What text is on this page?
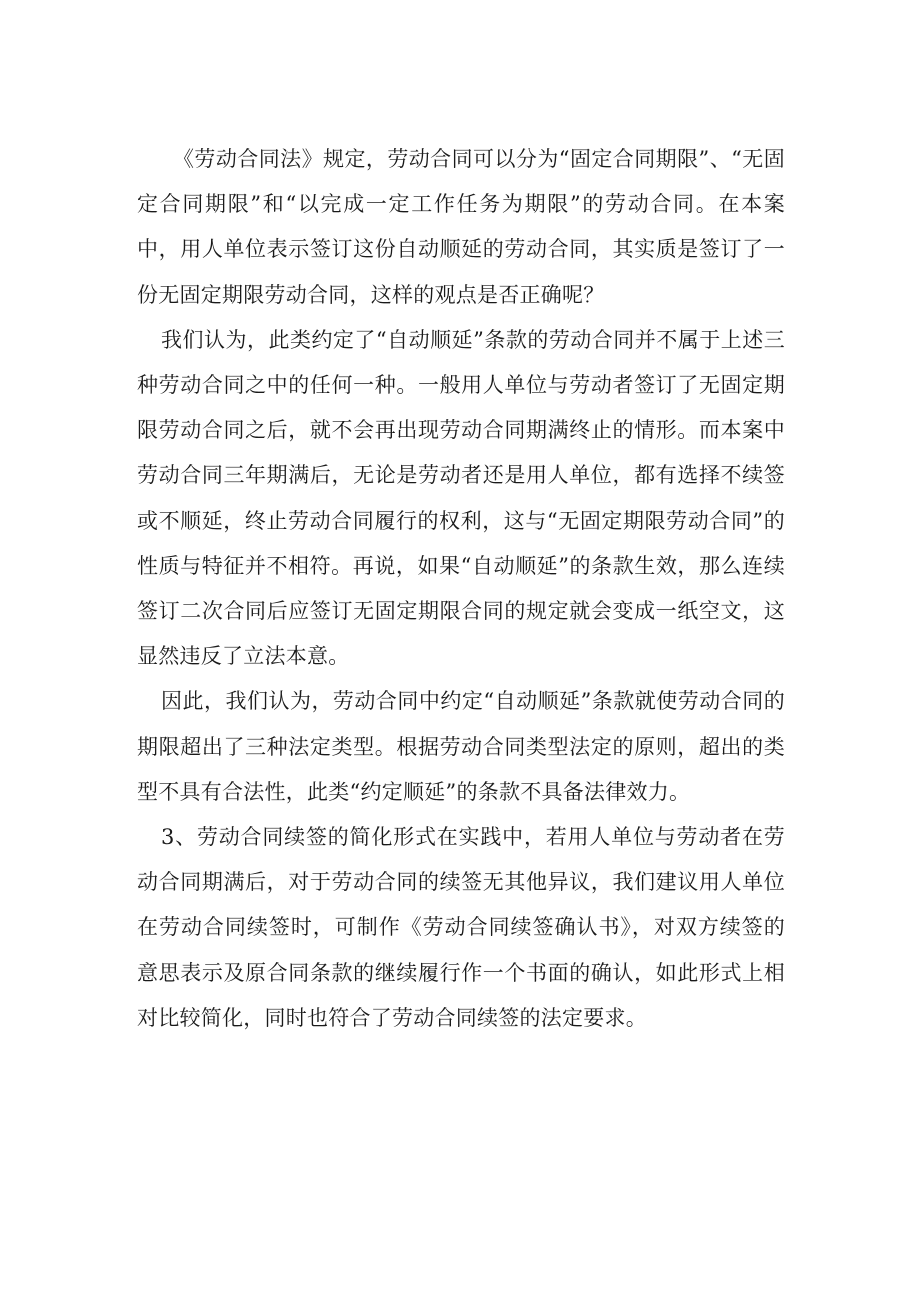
《劳动合同法》规定，劳动合同可以分为“固定合同期限”、“无固定合同期限”和“以完成一定工作任务为期限”的劳动合同。在本案中，用人单位表示签订这份自动顺延的劳动合同，其实质是签订了一份无固定期限劳动合同，这样的观点是否正确呢？

我们认为，此类约定了“自动顺延”条款的劳动合同并不属于上述三种劳动合同之中的任何一种。一般用人单位与劳动者签订了无固定期限劳动合同之后，就不会再出现劳动合同期满终止的情形。而本案中劳动合同三年期满后，无论是劳动者还是用人单位，都有选择不续签或不顺延，终止劳动合同履行的权利，这与“无固定期限劳动合同”的性质与特征并不相符。再说，如果“自动顺延”的条款生效，那么连续签订二次合同后应签订无固定期限合同的规定就会变成一纸空文，这显然违反了立法本意。

因此，我们认为，劳动合同中约定“自动顺延”条款就使劳动合同的期限超出了三种法定类型。根据劳动合同类型法定的原则，超出的类型不具有合法性，此类“约定顺延”的条款不具备法律效力。

3、劳动合同续签的简化形式在实践中，若用人单位与劳动者在劳动合同期满后，对于劳动合同的续签无其他异议，我们建议用人单位在劳动合同续签时，可制作《劳动合同续签确认书》，对双方续签的意思表示及原合同条款的继续履行作一个书面的确认，如此形式上相对比较简化，同时也符合了劳动合同续签的法定要求。
